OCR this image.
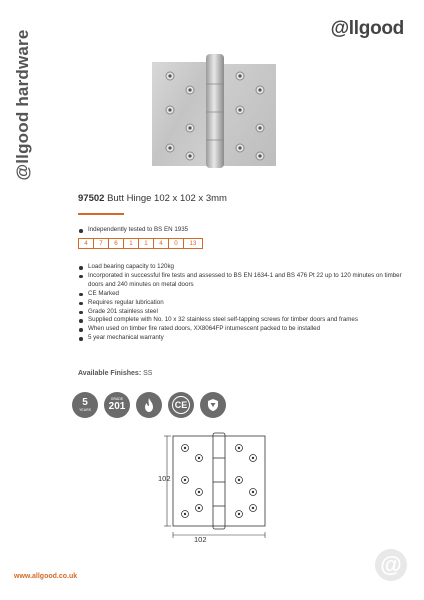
@llgood hardware
@llgood
97502 Butt Hinge 102 x 102 x 3mm
Independently tested to BS EN 1935
4	7	6	1	1	4	0	13
Load bearing capacity to 120kg
Incorporated in successful fire tests and assessed to BS EN 1634-1 and BS 476 Pt 22 up to 120 minutes on timber doors and 240 minutes on metal doors
CE Marked
Requires regular lubrication
Grade 201 stainless steel
Supplied complete with No. 10 x 32 stainless steel self-tapping screws for timber doors and frames
When used on timber fire rated doors, XX8064FP intumescent packed to be installed
5 year mechanical warranty
Available Finishes: SS
5
YEARS
GRADE
201	CE
102
102
www.allgood.co.uk	@
